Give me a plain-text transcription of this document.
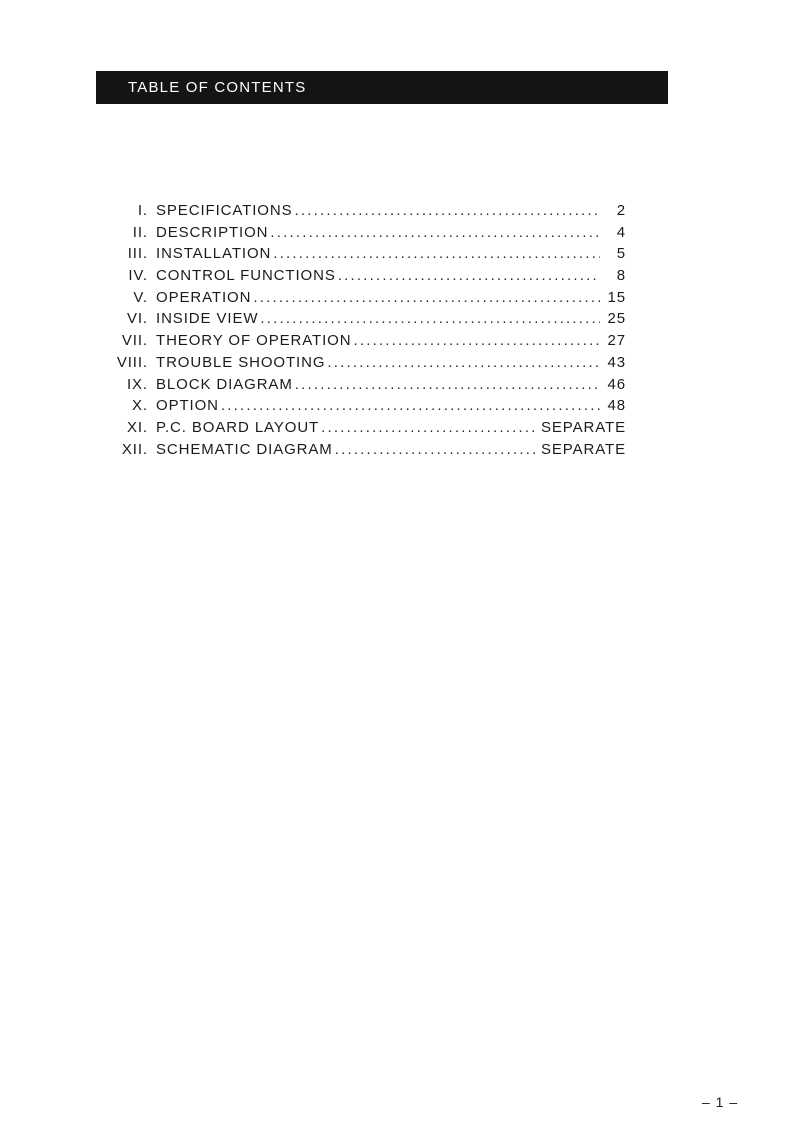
TABLE OF CONTENTS
I. SPECIFICATIONS .....	2
II. DESCRIPTION .....	4
III. INSTALLATION .....	5
IV. CONTROL FUNCTIONS .....	8
V. OPERATION .....	15
VI. INSIDE VIEW .....	25
VII. THEORY OF OPERATION .....	27
VIII. TROUBLE SHOOTING .....	43
IX. BLOCK DIAGRAM .....	46
X. OPTION .....	48
XI. P.C. BOARD LAYOUT .....	SEPARATE
XII. SCHEMATIC DIAGRAM .....	SEPARATE
– 1 –
